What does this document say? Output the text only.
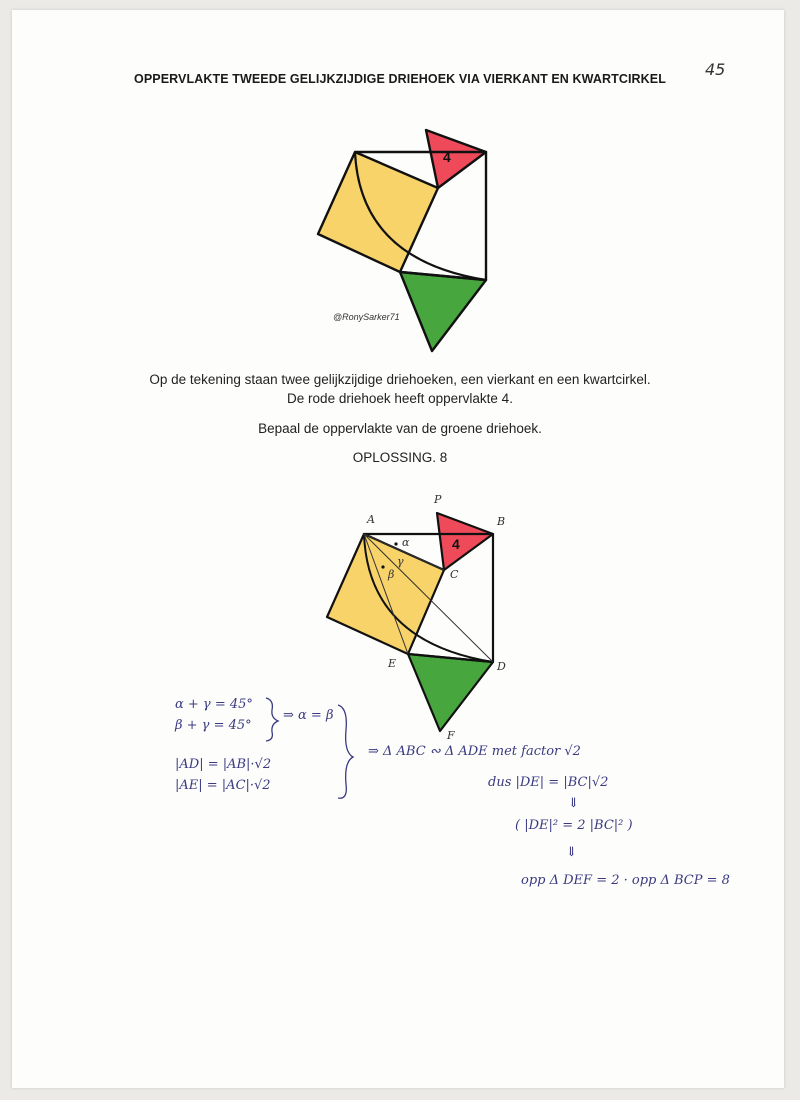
45
OPPERVLAKTE TWEEDE GELIJKZIJDIGE DRIEHOEK VIA VIERKANT EN KWARTCIRKEL
4
@RonySarker71
Op de tekening staan twee gelijkzijdige driehoeken, een vierkant en een kwartcirkel.
De rode driehoek heeft oppervlakte 4.
Bepaal de oppervlakte van de groene driehoek.
OPLOSSING. 8
4
A	B
C
D
E
F
P
α
β
γ
α + γ = 45°
β + γ = 45°
⇒ α = β
|AD| = |AB|·√2
|AE| = |AC|·√2
⇒ Δ ABC ∾ Δ ADE met factor √2
dus |DE| = |BC|√2
⇓
( |DE|² = 2 |BC|² )
⇓
opp Δ DEF = 2 · opp Δ BCP = 8
